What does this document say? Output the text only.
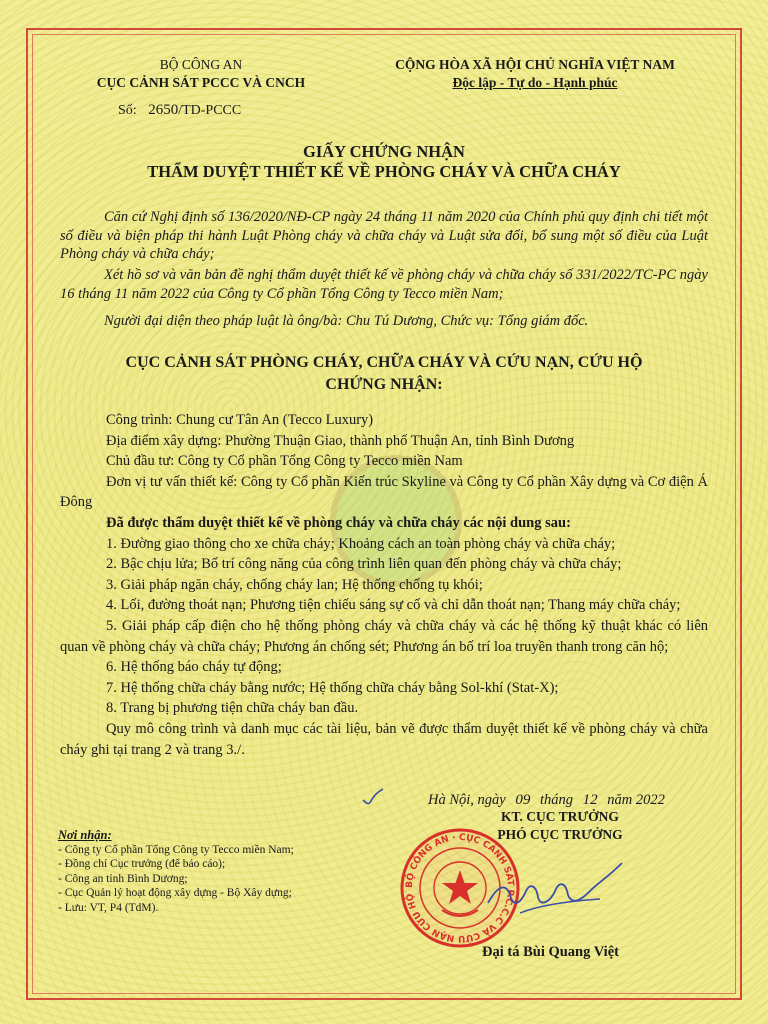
BỘ CÔNG AN
CỤC CẢNH SÁT PCCC VÀ CNCH
CỘNG HÒA XÃ HỘI CHỦ NGHĨA VIỆT NAM
Độc lập - Tự do - Hạnh phúc
Số: 2650/TD-PCCC
GIẤY CHỨNG NHẬN
THẨM DUYỆT THIẾT KẾ VỀ PHÒNG CHÁY VÀ CHỮA CHÁY

Căn cứ Nghị định số 136/2020/NĐ-CP ngày 24 tháng 11 năm 2020 của Chính phủ quy định chi tiết một số điều và biện pháp thi hành Luật Phòng cháy và chữa cháy và Luật sửa đổi, bổ sung một số điều của Luật Phòng cháy và chữa cháy;

Xét hồ sơ và văn bản đề nghị thẩm duyệt thiết kế về phòng cháy và chữa cháy số 331/2022/TC-PC ngày 16 tháng 11 năm 2022 của Công ty Cổ phần Tổng Công ty Tecco miền Nam;

Người đại diện theo pháp luật là ông/bà: Chu Tú Dương, Chức vụ: Tổng giám đốc.

CỤC CẢNH SÁT PHÒNG CHÁY, CHỮA CHÁY VÀ CỨU NẠN, CỨU HỘ
CHỨNG NHẬN:

Công trình: Chung cư Tân An (Tecco Luxury)

Địa điểm xây dựng: Phường Thuận Giao, thành phố Thuận An, tỉnh Bình Dương

Chủ đầu tư: Công ty Cổ phần Tổng Công ty Tecco miền Nam

Đơn vị tư vấn thiết kế: Công ty Cổ phần Kiến trúc Skyline và Công ty Cổ phần Xây dựng và Cơ điện Á Đông

Đã được thẩm duyệt thiết kế về phòng cháy và chữa cháy các nội dung sau:

1. Đường giao thông cho xe chữa cháy; Khoảng cách an toàn phòng cháy và chữa cháy;

2. Bậc chịu lửa; Bố trí công năng của công trình liên quan đến phòng cháy và chữa cháy;

3. Giải pháp ngăn cháy, chống cháy lan; Hệ thống chống tụ khói;

4. Lối, đường thoát nạn; Phương tiện chiếu sáng sự cố và chỉ dẫn thoát nạn; Thang máy chữa cháy;

5. Giải pháp cấp điện cho hệ thống phòng cháy và chữa cháy và các hệ thống kỹ thuật khác có liên quan về phòng cháy và chữa cháy; Phương án chống sét; Phương án bố trí loa truyền thanh trong căn hộ;

6. Hệ thống báo cháy tự động;

7. Hệ thống chữa cháy bằng nước; Hệ thống chữa cháy bằng Sol-khí (Stat-X);

8. Trang bị phương tiện chữa cháy ban đầu.

Quy mô công trình và danh mục các tài liệu, bản vẽ được thẩm duyệt thiết kế về phòng cháy và chữa cháy ghi tại trang 2 và trang 3./.

Hà Nội, ngày 09 tháng 12 năm 2022
KT. CỤC TRƯỞNG
PHÓ CỤC TRƯỞNG
Nơi nhận:
- Công ty Cổ phần Tổng Công ty Tecco miền Nam;
- Đồng chí Cục trưởng (để báo cáo);
- Công an tỉnh Bình Dương;
- Cục Quản lý hoạt động xây dựng - Bộ Xây dựng;
- Lưu: VT, P4 (TdM).
BỘ CÔNG AN · CỤC CẢNH SÁT P.C.C.C VÀ CỨU NẠN CỨU HỘ
Đại tá Bùi Quang Việt
